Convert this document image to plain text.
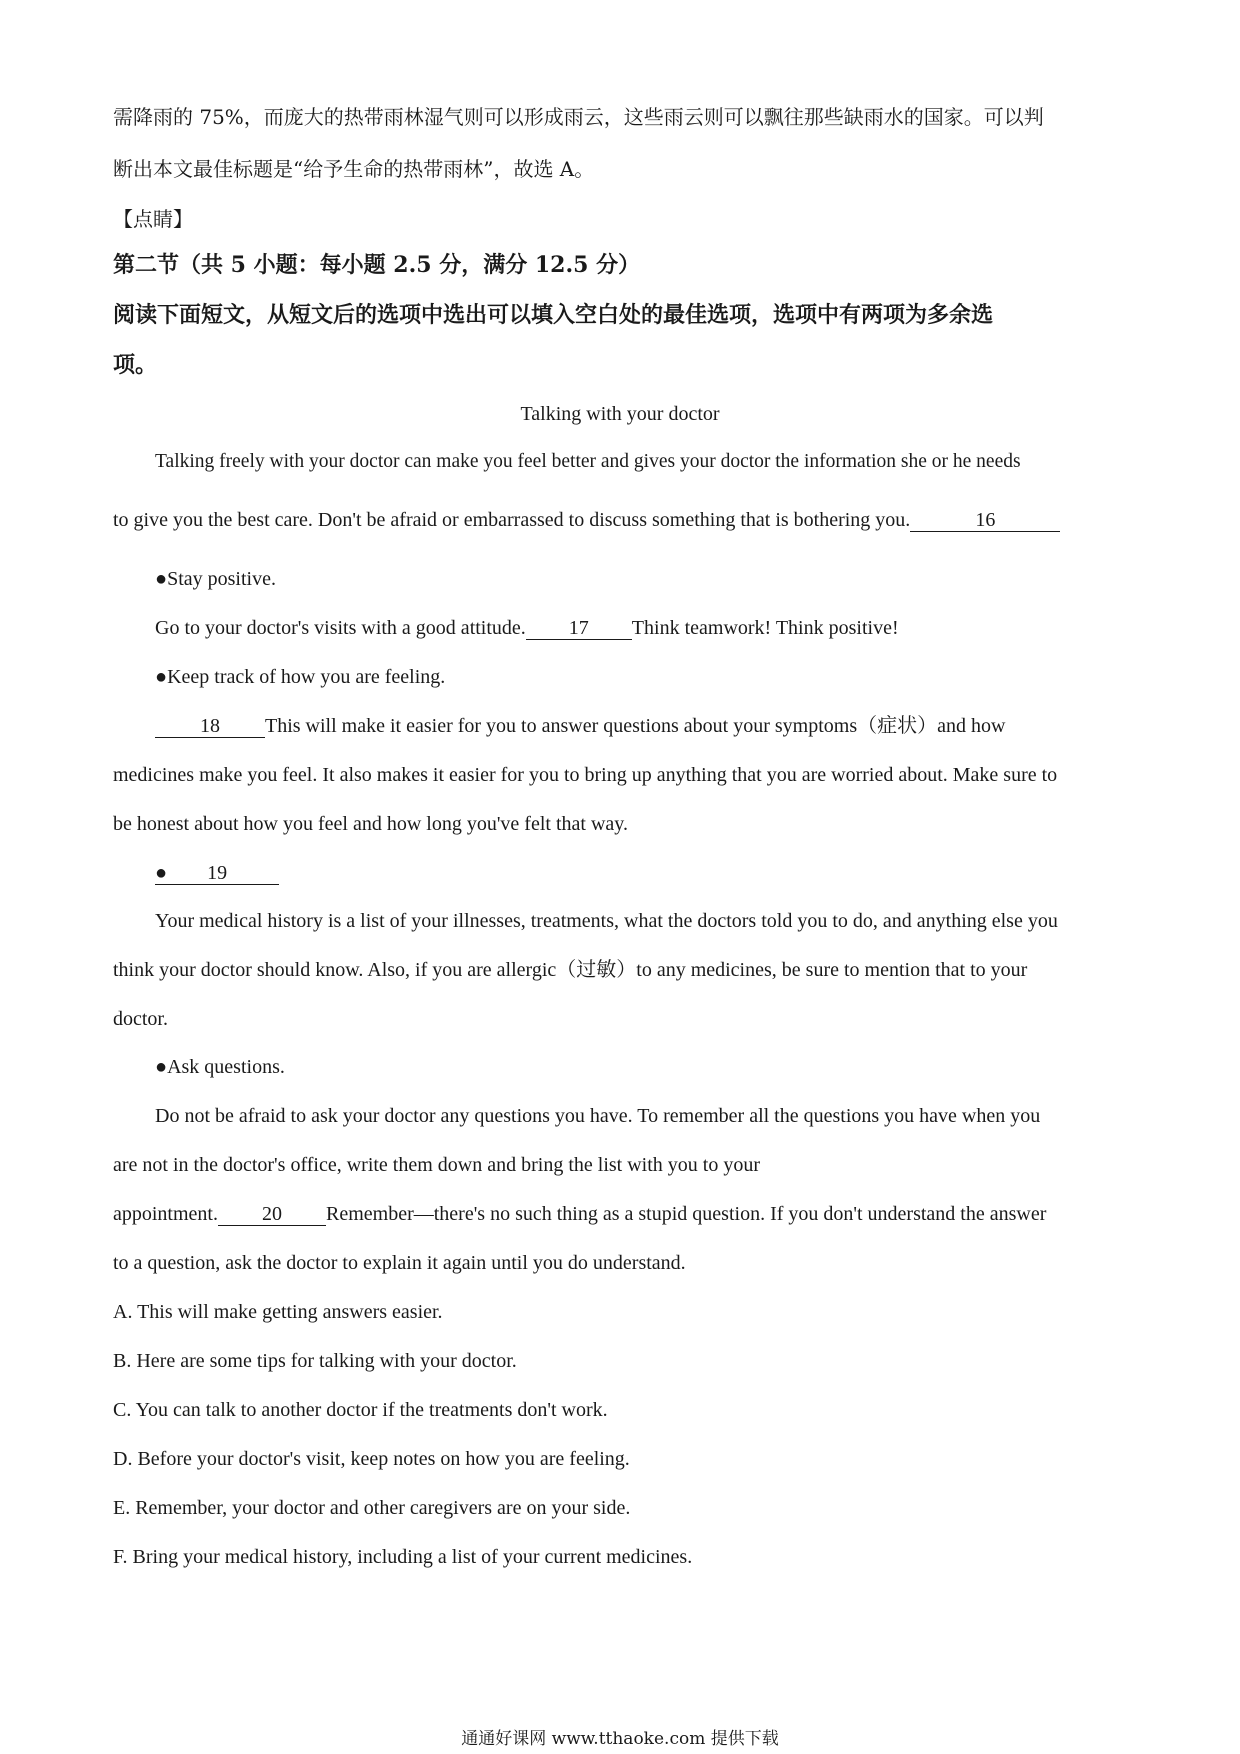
需降雨的 75%，而庞大的热带雨林湿气则可以形成雨云，这些雨云则可以飘往那些缺雨水的国家。可以判
断出本文最佳标题是“给予生命的热带雨林”，故选 A。
【点睛】
第二节（共 5 小题：每小题 2.5 分，满分 12.5 分）
阅读下面短文，从短文后的选项中选出可以填入空白处的最佳选项，选项中有两项为多余选
项。
Talking with your doctor
Talking freely with your doctor can make you feel better and gives your doctor the information she or he needs
to give you the best care. Don't be afraid or embarrassed to discuss something that is bothering you.	16
●Stay positive.
Go to your doctor's visits with a good attitude. 17 Think teamwork! Think positive!
●Keep track of how you are feeling.
18 This will make it easier for you to answer questions about your symptoms（症状）and how
medicines make you feel. It also makes it easier for you to bring up anything that you are worried about. Make sure to
be honest about how you feel and how long you've felt that way.
● 19
Your medical history is a list of your illnesses, treatments, what the doctors told you to do, and anything else you
think your doctor should know. Also, if you are allergic（过敏）to any medicines, be sure to mention that to your
doctor.
●Ask questions.
Do not be afraid to ask your doctor any questions you have. To remember all the questions you have when you
are not in the doctor's office, write them down and bring the list with you to your
appointment. 20 Remember—there's no such thing as a stupid question. If you don't understand the answer
to a question, ask the doctor to explain it again until you do understand.
A. This will make getting answers easier.
B. Here are some tips for talking with your doctor.
C. You can talk to another doctor if the treatments don't work.
D. Before your doctor's visit, keep notes on how you are feeling.
E. Remember, your doctor and other caregivers are on your side.
F. Bring your medical history, including a list of your current medicines.
通通好课网 www.tthaoke.com 提供下载
